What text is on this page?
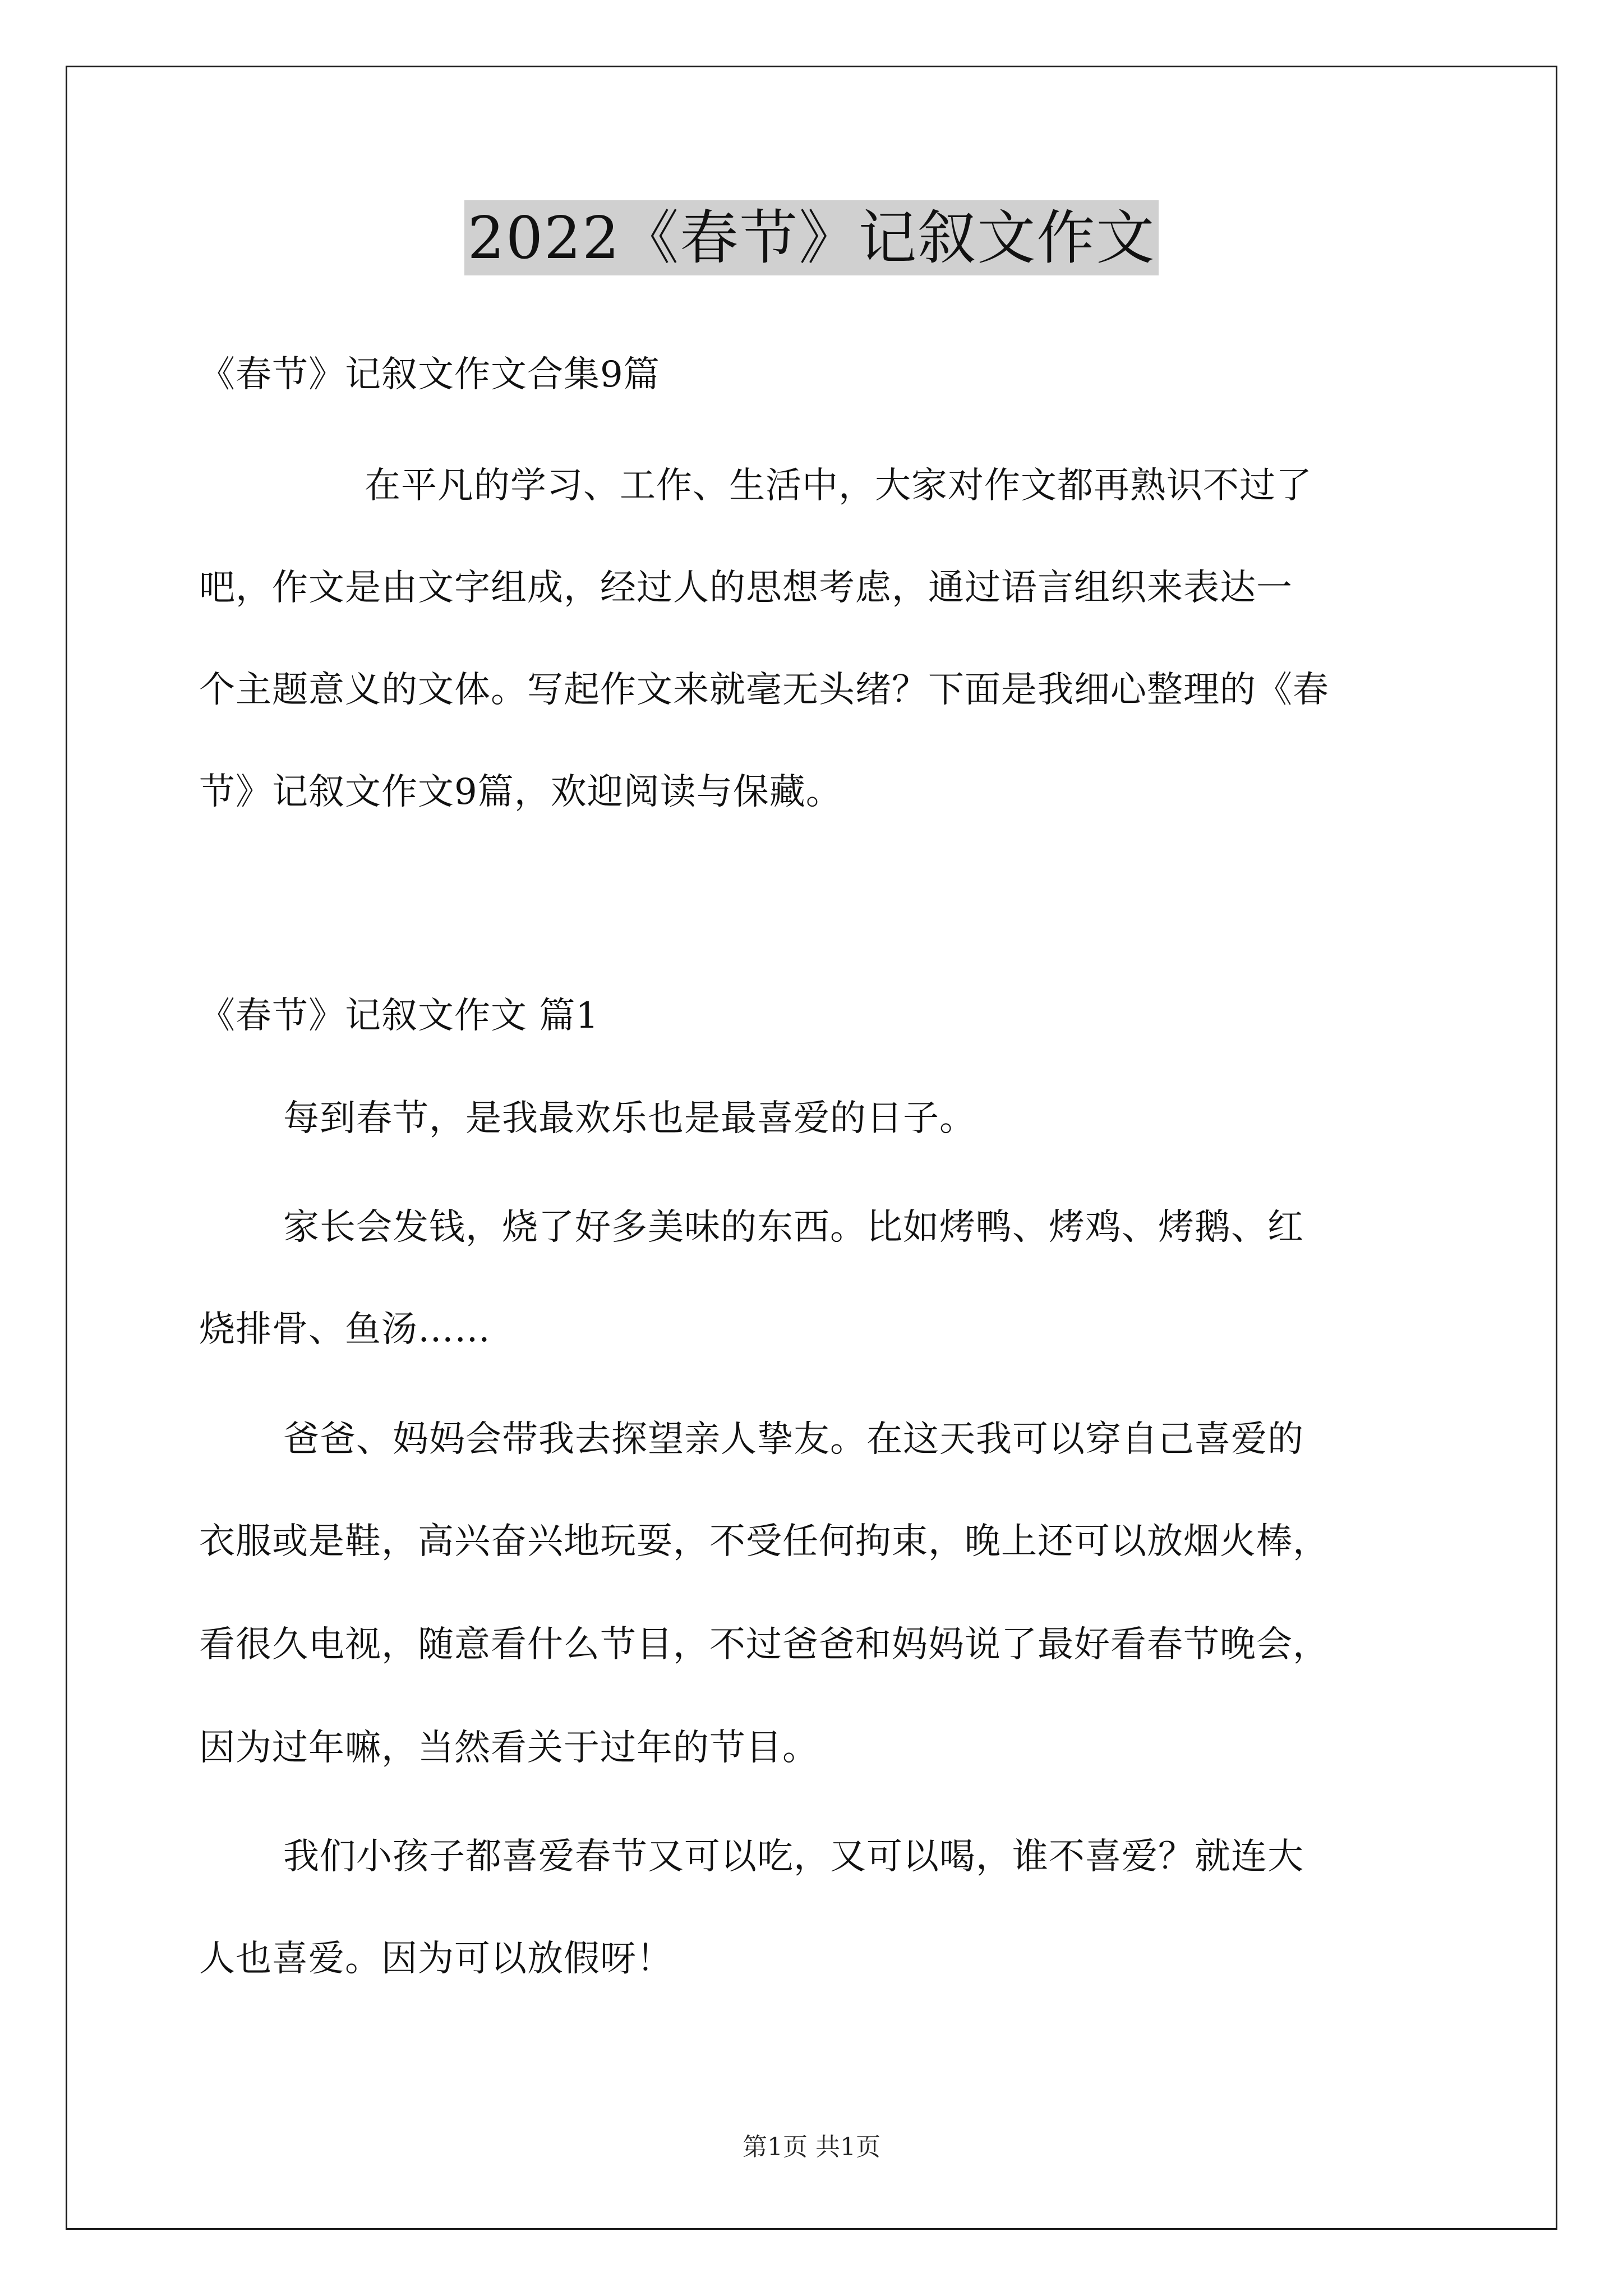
2022《春节》记叙文作文
《春节》记叙文作文合集9篇
在平凡的学习、工作、生活中，大家对作文都再熟识不过了
吧，作文是由文字组成，经过人的思想考虑，通过语言组织来表达一
个主题意义的文体。写起作文来就毫无头绪？下面是我细心整理的《春
节》记叙文作文9篇，欢迎阅读与保藏。
《春节》记叙文作文 篇1
每到春节，是我最欢乐也是最喜爱的日子。
家长会发钱，烧了好多美味的东西。比如烤鸭、烤鸡、烤鹅、红
烧排骨、鱼汤……
爸爸、妈妈会带我去探望亲人挚友。在这天我可以穿自己喜爱的
衣服或是鞋，高兴奋兴地玩耍，不受任何拘束，晚上还可以放烟火棒，
看很久电视，随意看什么节目，不过爸爸和妈妈说了最好看春节晚会，
因为过年嘛，当然看关于过年的节目。
我们小孩子都喜爱春节又可以吃，又可以喝，谁不喜爱？就连大
人也喜爱。因为可以放假呀！
第1页 共1页
